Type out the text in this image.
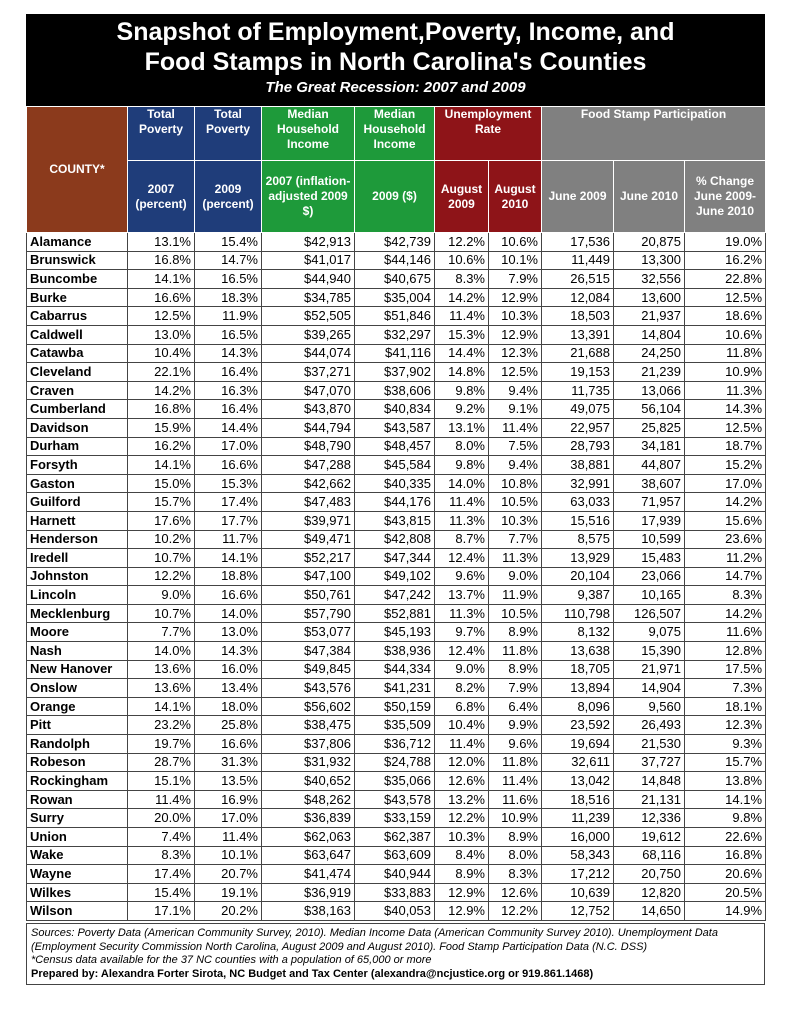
Snapshot of Employment,Poverty, Income, and
Food Stamps in North Carolina's Counties
The Great Recession: 2007 and 2009
COUNTY*	Total Poverty	Total Poverty	Median Household Income	Median Household Income	Unemployment Rate		Food Stamp Participation		
	2007 (percent)	2009 (percent)	2007 (inflation-adjusted 2009 $)	2009 ($)	August 2009	August 2010	June 2009	June 2010	% Change June 2009-June 2010
Alamance	13.1%	15.4%	$42,913	$42,739	12.2%	10.6%	17,536	20,875	19.0%
Brunswick	16.8%	14.7%	$41,017	$44,146	10.6%	10.1%	11,449	13,300	16.2%
Buncombe	14.1%	16.5%	$44,940	$40,675	8.3%	7.9%	26,515	32,556	22.8%
Burke	16.6%	18.3%	$34,785	$35,004	14.2%	12.9%	12,084	13,600	12.5%
Cabarrus	12.5%	11.9%	$52,505	$51,846	11.4%	10.3%	18,503	21,937	18.6%
Caldwell	13.0%	16.5%	$39,265	$32,297	15.3%	12.9%	13,391	14,804	10.6%
Catawba	10.4%	14.3%	$44,074	$41,116	14.4%	12.3%	21,688	24,250	11.8%
Cleveland	22.1%	16.4%	$37,271	$37,902	14.8%	12.5%	19,153	21,239	10.9%
Craven	14.2%	16.3%	$47,070	$38,606	9.8%	9.4%	11,735	13,066	11.3%
Cumberland	16.8%	16.4%	$43,870	$40,834	9.2%	9.1%	49,075	56,104	14.3%
Davidson	15.9%	14.4%	$44,794	$43,587	13.1%	11.4%	22,957	25,825	12.5%
Durham	16.2%	17.0%	$48,790	$48,457	8.0%	7.5%	28,793	34,181	18.7%
Forsyth	14.1%	16.6%	$47,288	$45,584	9.8%	9.4%	38,881	44,807	15.2%
Gaston	15.0%	15.3%	$42,662	$40,335	14.0%	10.8%	32,991	38,607	17.0%
Guilford	15.7%	17.4%	$47,483	$44,176	11.4%	10.5%	63,033	71,957	14.2%
Harnett	17.6%	17.7%	$39,971	$43,815	11.3%	10.3%	15,516	17,939	15.6%
Henderson	10.2%	11.7%	$49,471	$42,808	8.7%	7.7%	8,575	10,599	23.6%
Iredell	10.7%	14.1%	$52,217	$47,344	12.4%	11.3%	13,929	15,483	11.2%
Johnston	12.2%	18.8%	$47,100	$49,102	9.6%	9.0%	20,104	23,066	14.7%
Lincoln	9.0%	16.6%	$50,761	$47,242	13.7%	11.9%	9,387	10,165	8.3%
Mecklenburg	10.7%	14.0%	$57,790	$52,881	11.3%	10.5%	110,798	126,507	14.2%
Moore	7.7%	13.0%	$53,077	$45,193	9.7%	8.9%	8,132	9,075	11.6%
Nash	14.0%	14.3%	$47,384	$38,936	12.4%	11.8%	13,638	15,390	12.8%
New Hanover	13.6%	16.0%	$49,845	$44,334	9.0%	8.9%	18,705	21,971	17.5%
Onslow	13.6%	13.4%	$43,576	$41,231	8.2%	7.9%	13,894	14,904	7.3%
Orange	14.1%	18.0%	$56,602	$50,159	6.8%	6.4%	8,096	9,560	18.1%
Pitt	23.2%	25.8%	$38,475	$35,509	10.4%	9.9%	23,592	26,493	12.3%
Randolph	19.7%	16.6%	$37,806	$36,712	11.4%	9.6%	19,694	21,530	9.3%
Robeson	28.7%	31.3%	$31,932	$24,788	12.0%	11.8%	32,611	37,727	15.7%
Rockingham	15.1%	13.5%	$40,652	$35,066	12.6%	11.4%	13,042	14,848	13.8%
Rowan	11.4%	16.9%	$48,262	$43,578	13.2%	11.6%	18,516	21,131	14.1%
Surry	20.0%	17.0%	$36,839	$33,159	12.2%	10.9%	11,239	12,336	9.8%
Union	7.4%	11.4%	$62,063	$62,387	10.3%	8.9%	16,000	19,612	22.6%
Wake	8.3%	10.1%	$63,647	$63,609	8.4%	8.0%	58,343	68,116	16.8%
Wayne	17.4%	20.7%	$41,474	$40,944	8.9%	8.3%	17,212	20,750	20.6%
Wilkes	15.4%	19.1%	$36,919	$33,883	12.9%	12.6%	10,639	12,820	20.5%
Wilson	17.1%	20.2%	$38,163	$40,053	12.9%	12.2%	12,752	14,650	14.9%
Sources: Poverty Data (American Community Survey, 2010). Median Income Data (American Community Survey 2010). Unemployment Data (Employment Security Commission North Carolina, August 2009 and August 2010). Food Stamp Participation Data (N.C. DSS)
*Census data available for the 37 NC counties with a population of 65,000 or more
Prepared by: Alexandra Forter Sirota, NC Budget and Tax Center (alexandra@ncjustice.org or 919.861.1468)
